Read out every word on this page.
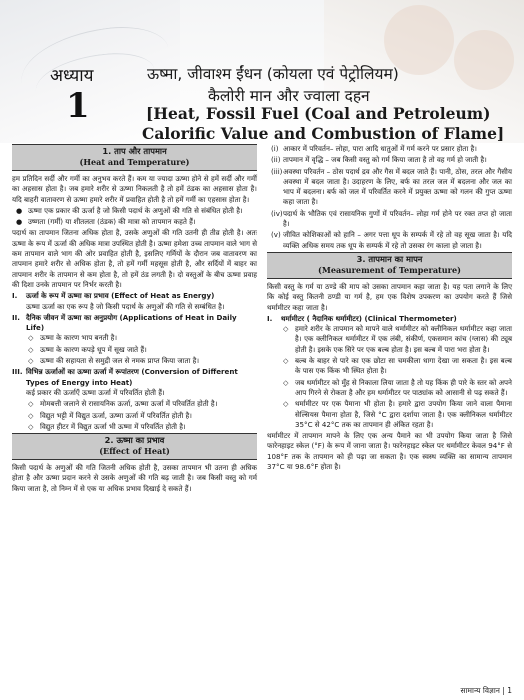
अध्याय
1
ऊष्मा, जीवाश्म ईंधन (कोयला एवं पेट्रोलियम)
कैलोरी मान और ज्वाला दहन
[Heat, Fossil Fuel (Coal and Petroleum)
Calorific Value and Combustion of Flame]
1. ताप और तापमान
(Heat and Temperature)

हम प्रतिदिन सर्दी और गर्मी का अनुभव करते हैं। कम या ज्यादा ऊष्मा होने से हमें सर्दी और गर्मी का अहसास होता है। जब हमारे शरीर से ऊष्मा निकलती है तो हमें ठंडक का अहसास होता है। यदि बाहरी वातावरण से ऊष्मा हमारे शरीर में प्रवाहित होती है तो हमें गर्मी का एहसास होता है।

● ऊष्मा एक प्रकार की ऊर्जा है जो किसी पदार्थ के अणुओं की गति से संबंधित होती है।

● उष्णता (गर्मी) या शीतलता (ठंडक) की मात्रा को तापमान कहते हैं।

पदार्थ का तापमान जितना अधिक होता है, उसके अणुओं की गति उतनी ही तीव्र होती है। अतः ऊष्मा के रूप में ऊर्जा की अधिक मात्रा उपस्थित होती है। ऊष्मा हमेशा उच्च तापमान वाले भाग से कम तापमान वाले भाग की ओर प्रवाहित होती है, इसलिए गर्मियों के दौरान जब वातावरण का तापमान हमारे शरीर से अधिक होता है, तो हमें गर्मी महसूस होती है, और सर्दियों में बाहर का तापमान शरीर के तापमान से कम होता है, तो हमें ठंड लगती है। दो वस्तुओं के बीच ऊष्मा प्रवाह की दिशा उनके तापमान पर निर्भर करती है।

I. ऊर्जा के रूप में ऊष्मा का प्रभाव (Effect of Heat as Energy)

ऊष्मा ऊर्जा का एक रूप है जो किसी पदार्थ के अणुओं की गति से सम्बंधित है।

II. दैनिक जीवन में ऊष्मा का अनुप्रयोग (Applications of Heat in Daily Life)

◇ ऊष्मा के कारण भाप बनती है।

◇ ऊष्मा के कारण कपड़े धूप में सूख जाते हैं।

◇ ऊष्मा की सहायता से समुद्री जल से नमक प्राप्त किया जाता है।

III. विभिन्न ऊर्जाओं का ऊष्मा ऊर्जा में रूपांतरण (Conversion of Different Types of Energy into Heat)

कई प्रकार की ऊर्जाएँ ऊष्मा ऊर्जा में परिवर्तित होती हैं।

◇ मोमबत्ती जलाने से रासायनिक ऊर्जा, ऊष्मा ऊर्जा में परिवर्तित होती है।

◇ विद्युत भट्टी में विद्युत ऊर्जा, ऊष्मा ऊर्जा में परिवर्तित होती है।

◇ विद्युत हीटर में विद्युत ऊर्जा भी ऊष्मा में परिवर्तित होती है।

2. ऊष्मा का प्रभाव
(Effect of Heat)

किसी पदार्थ के अणुओं की गति जितनी अधिक होती है, उसका तापमान भी उतना ही अधिक होता है और ऊष्मा प्रदान करने से उसके अणुओं की गति बढ़ जाती है। जब किसी वस्तु को गर्म किया जाता है, तो निम्न में से एक या अधिक प्रभाव दिखाई दे सकते हैं।

(i) आकार में परिवर्तन– लोहा, पारा आदि धातुओं में गर्म करने पर प्रसार होता है।

(ii) तापमान में वृद्धि – जब किसी वस्तु को गर्म किया जाता है तो वह गर्म हो जाती है।

(iii) अवस्था परिवर्तन – ठोस पदार्थ द्रव और गैस में बदल जाते हैं। पानी, ठोस, तरल और गैसीय अवस्था में बदल जाता है। उदाहरण के लिए, बर्फ का तरल जल में बदलना और जल का भाप में बदलना। बर्फ को जल में परिवर्तित करने में प्रयुक्त ऊष्मा को गलन की गुप्त ऊष्मा कहा जाता है।

(iv) पदार्थ के भौतिक एवं रासायनिक गुणों में परिवर्तन– लोहा गर्म होने पर रक्त तप्त हो जाता है।

(v) जीवित कोशिकाओं को हानि – अगर पत्ता धूप के सम्पर्क में रहे तो वह सूख जाता है। यदि व्यक्ति अधिक समय तक धूप के सम्पर्क में रहे तो उसका रंग काला हो जाता है।

3. तापमान का मापन
(Measurement of Temperature)

किसी वस्तु के गर्म या ठण्डे की माप को उसका तापमान कहा जाता है। यह पता लगाने के लिए कि कोई वस्तु कितनी ठण्डी या गर्म है, हम एक विशेष उपकरण का उपयोग करते हैं जिसे थर्मामीटर कहा जाता है।

I. थर्मामीटर ( नैदानिक थर्मामीटर) (Clinical Thermometer)

◇ हमारे शरीर के तापमान को मापने वाले थर्मामीटर को क्लीनिकल थर्मामीटर कहा जाता है। एक क्लीनिकल थर्मामीटर में एक लंबी, संकीर्ण, एकसमान कांच (ग्लास) की ट्यूब होती है। इसके एक सिरे पर एक बल्ब होता है। इस बल्ब में पारा भरा होता है।

◇ बल्ब के बाहर से पारे का एक छोटा सा चमकीला धागा देखा जा सकता है। इस बल्ब के पास एक किंक भी स्थित होता है।

◇ जब थर्मामीटर को मुँह से निकाला लिया जाता है तो यह किंक ही पारे के स्तर को अपने आप गिरने से रोकता है और हम थर्मामीटर पर पाठ्यांक को आसानी से पढ़ सकते हैं।

◇ थर्मामीटर पर एक पैमाना भी होता है। हमारे द्वारा उपयोग किया जाने वाला पैमाना सेल्सियस पैमाना होता है, जिसे °C द्वारा दर्शाया जाता है। एक क्लीनिकल थर्मामीटर 35°C से 42°C तक का तापमान ही अंकित रहता है।

थर्मामीटर में तापमान मापने के लिए एक अन्य पैमाने का भी उपयोग किया जाता है जिसे फारेनहाइट स्केल (°F) के रूप में जाना जाता है। फारेनहाइट स्केल पर थर्मामीटर केवल 94°F से 108°F तक के तापमान को ही पढ़ा जा सकता है। एक स्वस्थ व्यक्ति का सामान्य तापमान 37°C या 98.6°F होता है।

सामान्य विज्ञान | 1
